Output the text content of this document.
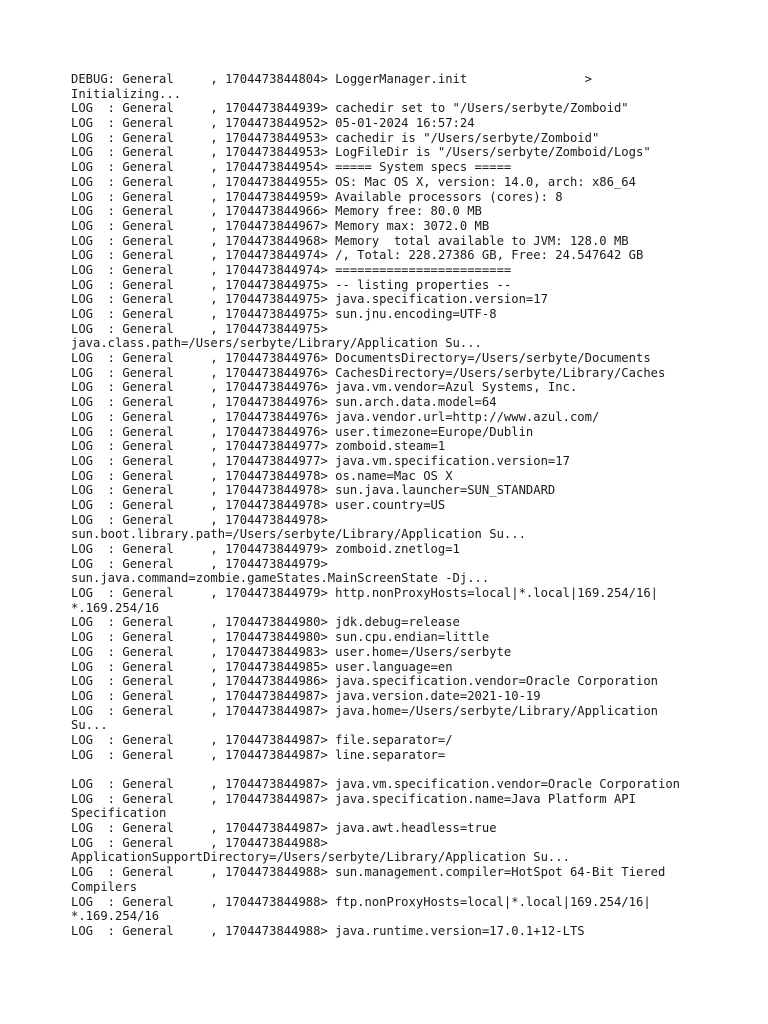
DEBUG: General     , 1704473844804> LoggerManager.init                >
Initializing...
LOG  : General     , 1704473844939> cachedir set to "/Users/serbyte/Zomboid"
LOG  : General     , 1704473844952> 05-01-2024 16:57:24
LOG  : General     , 1704473844953> cachedir is "/Users/serbyte/Zomboid"
LOG  : General     , 1704473844953> LogFileDir is "/Users/serbyte/Zomboid/Logs"
LOG  : General     , 1704473844954> ===== System specs =====
LOG  : General     , 1704473844955> OS: Mac OS X, version: 14.0, arch: x86_64
LOG  : General     , 1704473844959> Available processors (cores): 8
LOG  : General     , 1704473844966> Memory free: 80.0 MB
LOG  : General     , 1704473844967> Memory max: 3072.0 MB
LOG  : General     , 1704473844968> Memory  total available to JVM: 128.0 MB
LOG  : General     , 1704473844974> /, Total: 228.27386 GB, Free: 24.547642 GB
LOG  : General     , 1704473844974> ========================
LOG  : General     , 1704473844975> -- listing properties --
LOG  : General     , 1704473844975> java.specification.version=17
LOG  : General     , 1704473844975> sun.jnu.encoding=UTF-8
LOG  : General     , 1704473844975>
java.class.path=/Users/serbyte/Library/Application Su...
LOG  : General     , 1704473844976> DocumentsDirectory=/Users/serbyte/Documents
LOG  : General     , 1704473844976> CachesDirectory=/Users/serbyte/Library/Caches
LOG  : General     , 1704473844976> java.vm.vendor=Azul Systems, Inc.
LOG  : General     , 1704473844976> sun.arch.data.model=64
LOG  : General     , 1704473844976> java.vendor.url=http://www.azul.com/
LOG  : General     , 1704473844976> user.timezone=Europe/Dublin
LOG  : General     , 1704473844977> zomboid.steam=1
LOG  : General     , 1704473844977> java.vm.specification.version=17
LOG  : General     , 1704473844978> os.name=Mac OS X
LOG  : General     , 1704473844978> sun.java.launcher=SUN_STANDARD
LOG  : General     , 1704473844978> user.country=US
LOG  : General     , 1704473844978>
sun.boot.library.path=/Users/serbyte/Library/Application Su...
LOG  : General     , 1704473844979> zomboid.znetlog=1
LOG  : General     , 1704473844979>
sun.java.command=zombie.gameStates.MainScreenState -Dj...
LOG  : General     , 1704473844979> http.nonProxyHosts=local|*.local|169.254/16|
*.169.254/16
LOG  : General     , 1704473844980> jdk.debug=release
LOG  : General     , 1704473844980> sun.cpu.endian=little
LOG  : General     , 1704473844983> user.home=/Users/serbyte
LOG  : General     , 1704473844985> user.language=en
LOG  : General     , 1704473844986> java.specification.vendor=Oracle Corporation
LOG  : General     , 1704473844987> java.version.date=2021-10-19
LOG  : General     , 1704473844987> java.home=/Users/serbyte/Library/Application
Su...
LOG  : General     , 1704473844987> file.separator=/
LOG  : General     , 1704473844987> line.separator=
LOG  : General     , 1704473844987> java.vm.specification.vendor=Oracle Corporation
LOG  : General     , 1704473844987> java.specification.name=Java Platform API
Specification
LOG  : General     , 1704473844987> java.awt.headless=true
LOG  : General     , 1704473844988>
ApplicationSupportDirectory=/Users/serbyte/Library/Application Su...
LOG  : General     , 1704473844988> sun.management.compiler=HotSpot 64-Bit Tiered
Compilers
LOG  : General     , 1704473844988> ftp.nonProxyHosts=local|*.local|169.254/16|
*.169.254/16
LOG  : General     , 1704473844988> java.runtime.version=17.0.1+12-LTS
